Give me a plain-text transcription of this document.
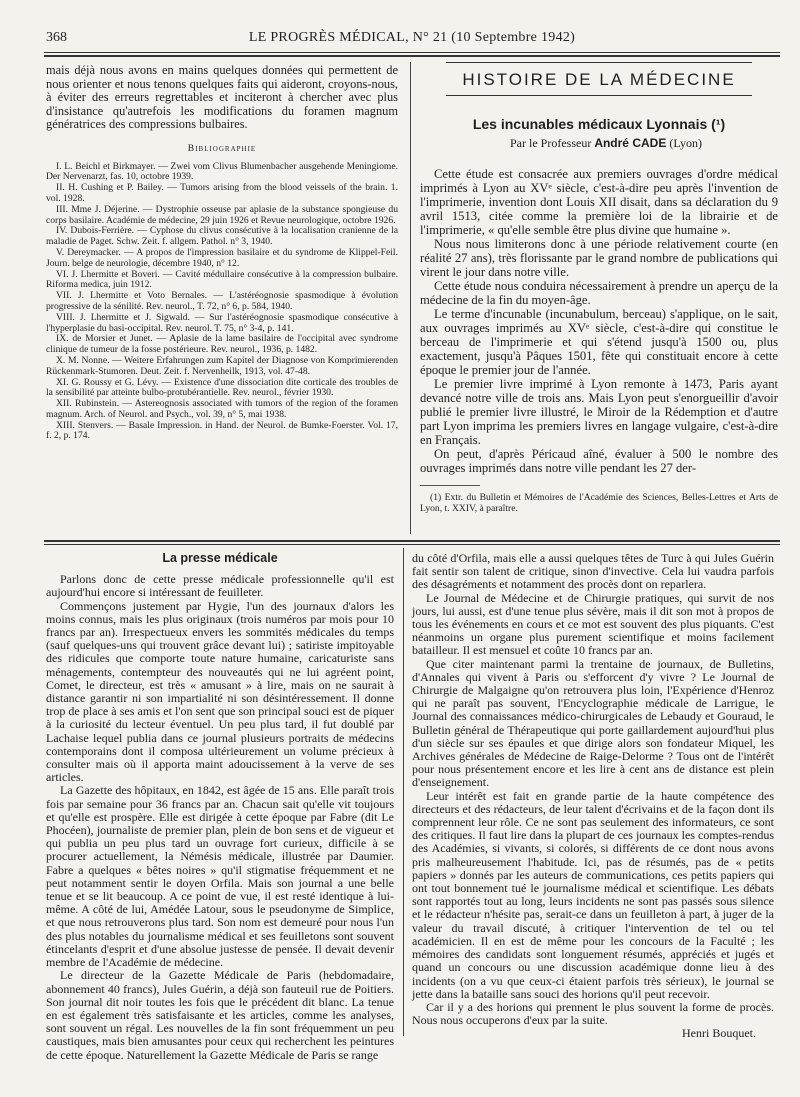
368	LE PROGRÈS MÉDICAL, N° 21 (10 Septembre 1942)

mais déjà nous avons en mains quelques données qui permettent de nous orienter et nous tenons quelques faits qui aideront, croyons-nous, à éviter des erreurs regrettables et inciteront à chercher avec plus d'insistance qu'autrefois les modifications du foramen magnum génératrices des compressions bulbaires.

Bibliographie

I. L. Beichl et Birkmayer. — Zwei vom Clivus Blumenbacher ausgehende Meningiome. Der Nervenarzt, fas. 10, octobre 1939.

II. H. Cushing et P. Bailey. — Tumors arising from the blood veissels of the brain. 1. vol. 1928.

III. Mme J. Déjerine. — Dystrophie osseuse par aplasie de la substance spongieuse du corps basilaire. Académie de médecine, 29 juin 1926 et Revue neurologique, octobre 1926.

IV. Dubois-Ferrière. — Cyphose du clivus consécutive à la localisation cranienne de la maladie de Paget. Schw. Zeit. f. allgem. Pathol. n° 3, 1940.

V. Dereymacker. — A propos de l'impression basilaire et du syndrome de Klippel-Feil. Journ. belge de neurologie, décembre 1940, n° 12.

VI. J. Lhermitte et Boveri. — Cavité médullaire consécutive à la compression bulbaire. Riforma medica, juin 1912.

VII. J. Lhermitte et Voto Bernales. — L'astéréognosie spasmodique à évolution progressive de la sénilité. Rev. neurol., T. 72, n° 6, p. 584, 1940.

VIII. J. Lhermitte et J. Sigwald. — Sur l'astéréognosie spasmodique consécutive à l'hyperplasie du basi-occipital. Rev. neurol. T. 75, n° 3-4, p. 141.

IX. de Morsier et Junet. — Aplasie de la lame basilaire de l'occipital avec syndrome clinique de tumeur de la fosse postérieure. Rev. neurol., 1936, p. 1482.

X. M. Nonne. — Weitere Erfahrungen zum Kapitel der Diagnose von Komprimierenden Rückenmark-Stumoren. Deut. Zeit. f. Nervenheilk, 1913, vol. 47-48.

XI. G. Roussy et G. Lévy. — Existence d'une dissociation dite corticale des troubles de la sensibilité par atteinte bulbo-protubérantielle. Rev. neurol., février 1930.

XII. Rubinstein. — Astereognosis associated with tumors of the region of the foramen magnum. Arch. of Neurol. and Psych., vol. 39, n° 5, mai 1938.

XIII. Stenvers. — Basale Impression. in Hand. der Neurol. de Bumke-Foerster. Vol. 17, f. 2, p. 174.

HISTOIRE DE LA MÉDECINE
Les incunables médicaux Lyonnais (¹)

Par le Professeur André CADE (Lyon)

Cette étude est consacrée aux premiers ouvrages d'ordre médical imprimés à Lyon au XVᵉ siècle, c'est-à-dire peu après l'invention de l'imprimerie, invention dont Louis XII disait, dans sa déclaration du 9 avril 1513, citée comme la première loi de la librairie et de l'imprimerie, « qu'elle semble être plus divine que humaine ».

Nous nous limiterons donc à une période relativement courte (en réalité 27 ans), très florissante par le grand nombre de publications qui virent le jour dans notre ville.

Cette étude nous conduira nécessairement à prendre un aperçu de la médecine de la fin du moyen-âge.

Le terme d'incunable (incunabulum, berceau) s'applique, on le sait, aux ouvrages imprimés au XVᵉ siècle, c'est-à-dire qui constitue le berceau de l'imprimerie et qui s'étend jusqu'à 1500 ou, plus exactement, jusqu'à Pâques 1501, fête qui constituait encore à cette époque le premier jour de l'année.

Le premier livre imprimé à Lyon remonte à 1473, Paris ayant devancé notre ville de trois ans. Mais Lyon peut s'enorgueillir d'avoir publié le premier livre illustré, le Miroir de la Rédemption et d'autre part Lyon imprima les premiers livres en langage vulgaire, c'est-à-dire en Français.

On peut, d'après Péricaud aîné, évaluer à 500 le nombre des ouvrages imprimés dans notre ville pendant les 27 der-

(1) Extr. du Bulletin et Mémoires de l'Académie des Sciences, Belles-Lettres et Arts de Lyon, t. XXIV, à paraître.

La presse médicale

Parlons donc de cette presse médicale professionnelle qu'il est aujourd'hui encore si intéressant de feuilleter.

Commençons justement par Hygie, l'un des journaux d'alors les moins connus, mais les plus originaux (trois numéros par mois pour 10 francs par an). Irrespectueux envers les sommités médicales du temps (sauf quelques-uns qui trouvent grâce devant lui) ; satiriste impitoyable des ridicules que comporte toute nature humaine, caricaturiste sans ménagements, contempteur des nouveautés qui ne lui agréent point, Comet, le directeur, est très « amusant » à lire, mais on ne saurait à distance garantir ni son impartialité ni son désintéressement. Il donne trop de place à ses amis et l'on sent que son principal souci est de piquer à la curiosité du lecteur éventuel. Un peu plus tard, il fut doublé par Lachaise lequel publia dans ce journal plusieurs portraits de médecins contemporains dont il composa ultérieurement un volume précieux à consulter mais où il apporta maint adoucissement à la verve de ses articles.

La Gazette des hôpitaux, en 1842, est âgée de 15 ans. Elle paraît trois fois par semaine pour 36 francs par an. Chacun sait qu'elle vit toujours et qu'elle est prospère. Elle est dirigée à cette époque par Fabre (dit Le Phocéen), journaliste de premier plan, plein de bon sens et de vigueur et qui publia un peu plus tard un ouvrage fort curieux, difficile à se procurer actuellement, la Némésis médicale, illustrée par Daumier. Fabre a quelques « bêtes noires » qu'il stigmatise fréquemment et ne peut notamment sentir le doyen Orfila. Mais son journal a une belle tenue et se lit beaucoup. A ce point de vue, il est resté identique à lui-même. A côté de lui, Amédée Latour, sous le pseudonyme de Simplice, et que nous retrouverons plus tard. Son nom est demeuré pour nous l'un des plus notables du journalisme médical et ses feuilletons sont souvent étincelants d'esprit et d'une absolue justesse de pensée. Il devait devenir membre de l'Académie de médecine.

Le directeur de la Gazette Médicale de Paris (hebdomadaire, abonnement 40 francs), Jules Guérin, a déjà son fauteuil rue de Poitiers. Son journal dit noir toutes les fois que le précédent dit blanc. La tenue en est également très satisfaisante et les articles, comme les analyses, sont souvent un régal. Les nouvelles de la fin sont fréquemment un peu caustiques, mais bien amusantes pour ceux qui recherchent les peintures de cette époque. Naturellement la Gazette Médicale de Paris se range

du côté d'Orfila, mais elle a aussi quelques têtes de Turc à qui Jules Guérin fait sentir son talent de critique, sinon d'invective. Cela lui vaudra parfois des désagréments et notamment des procès dont on reparlera.

Le Journal de Médecine et de Chirurgie pratiques, qui survit de nos jours, lui aussi, est d'une tenue plus sévère, mais il dit son mot à propos de tous les événements en cours et ce mot est souvent des plus piquants. C'est néanmoins un organe plus purement scientifique et moins facilement batailleur. Il est mensuel et coûte 10 francs par an.

Que citer maintenant parmi la trentaine de journaux, de Bulletins, d'Annales qui vivent à Paris ou s'efforcent d'y vivre ? Le Journal de Chirurgie de Malgaigne qu'on retrouvera plus loin, l'Expérience d'Henroz qui ne paraît pas souvent, l'Encyclographie médicale de Larrigue, le Journal des connaissances médico-chirurgicales de Lebaudy et Gouraud, le Bulletin général de Thérapeutique qui porte gaillardement aujourd'hui plus d'un siècle sur ses épaules et que dirige alors son fondateur Miquel, les Archives générales de Médecine de Raige-Delorme ? Tous ont de l'intérêt pour nous présentement encore et les lire à cent ans de distance est plein d'enseignement.

Leur intérêt est fait en grande partie de la haute compétence des directeurs et des rédacteurs, de leur talent d'écrivains et de la façon dont ils comprennent leur rôle. Ce ne sont pas seulement des informateurs, ce sont des critiques. Il faut lire dans la plupart de ces journaux les comptes-rendus des Académies, si vivants, si colorés, si différents de ce dont nous avons pris malheureusement l'habitude. Ici, pas de résumés, pas de « petits papiers » donnés par les auteurs de communications, ces petits papiers qui ont tout bonnement tué le journalisme médical et scientifique. Les débats sont rapportés tout au long, leurs incidents ne sont pas passés sous silence et le rédacteur n'hésite pas, serait-ce dans un feuilleton à part, à juger de la valeur du travail discuté, à critiquer l'intervention de tel ou tel académicien. Il en est de même pour les concours de la Faculté ; les mémoires des candidats sont longuement résumés, appréciés et jugés et quand un concours ou une discussion académique donne lieu à des incidents (on a vu que ceux-ci étaient parfois très sérieux), le journal se jette dans la bataille sans souci des horions qu'il peut recevoir.

Car il y a des horions qui prennent le plus souvent la forme de procès. Nous nous occuperons d'eux par la suite.

Henri Bouquet.
